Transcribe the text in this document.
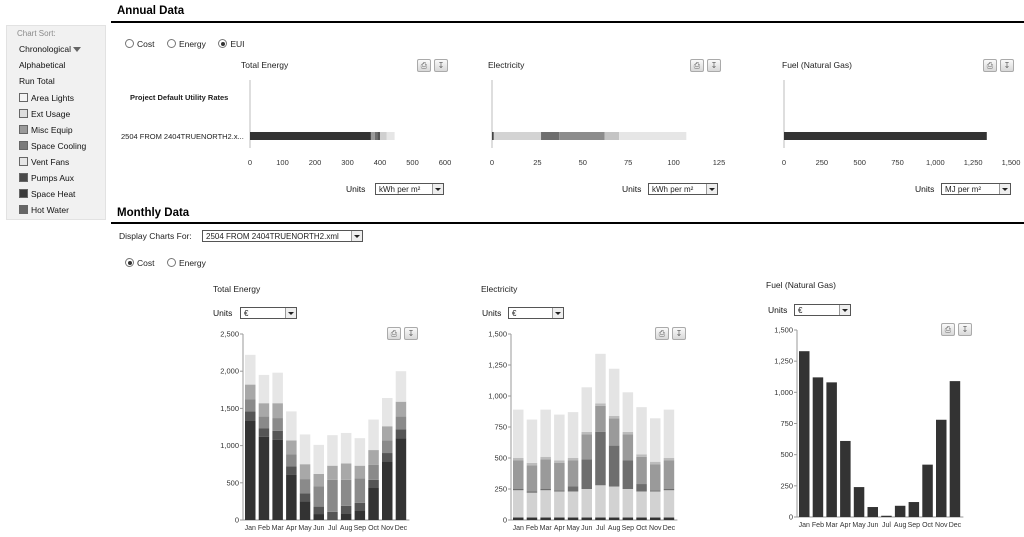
Chart Sort:
Chronological
Alphabetical
Run Total
Area Lights
Ext Usage
Misc Equip
Space Cooling
Vent Fans
Pumps Aux
Space Heat
Hot Water
Annual Data
Cost	Energy	EUI
Total Energy	Electricity	Fuel (Natural Gas)
⎙	↧	⎙	↧	⎙	↧
Project Default Utility Rates
2504 FROM 2404TRUENORTH2.x...
0	100	200	300	400	500	600	0	25	50	75	100	125	0	250	500	750	1,000	1,250	1,500
Units	kWh per m²	Units	kWh per m²	Units	MJ per m²
Monthly Data
Display Charts For:	2504 FROM 2404TRUENORTH2.xml
Cost	Energy
Total Energy	Electricity	Fuel (Natural Gas)
Units	€	Units	€	Units	€
⎙	↧	⎙	↧	⎙	↧
0
500
1,000
1,500
2,000
2,500
Jan Feb Mar Apr May Jun Jul Aug Sep Oct Nov Dec
0
250
500
750
1,000
1,250
1,500
Jan Feb Mar Apr May Jun Jul Aug Sep Oct Nov Dec
0
250
500
750
1,000
1,250
1,500
Jan Feb Mar Apr May Jun Jul Aug Sep Oct Nov Dec
